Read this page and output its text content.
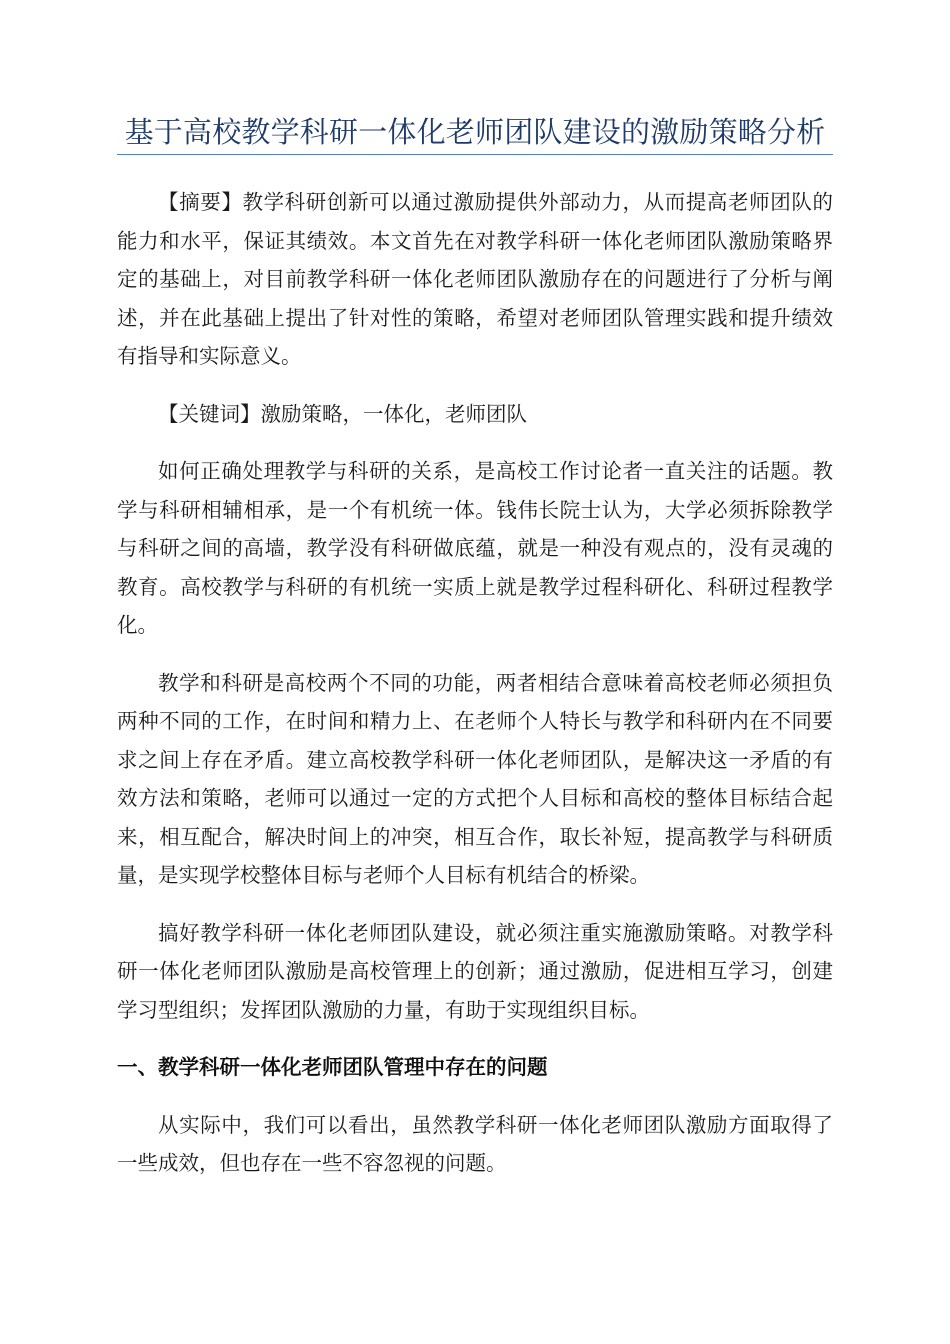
基于高校教学科研一体化老师团队建设的激励策略分析

【摘要】教学科研创新可以通过激励提供外部动力，从而提高老师团队的能力和水平，保证其绩效。本文首先在对教学科研一体化老师团队激励策略界定的基础上，对目前教学科研一体化老师团队激励存在的问题进行了分析与阐述，并在此基础上提出了针对性的策略，希望对老师团队管理实践和提升绩效有指导和实际意义。

【关键词】激励策略，一体化，老师团队

如何正确处理教学与科研的关系，是高校工作讨论者一直关注的话题。教学与科研相辅相承，是一个有机统一体。钱伟长院士认为，大学必须拆除教学与科研之间的高墙，教学没有科研做底蕴，就是一种没有观点的，没有灵魂的教育。高校教学与科研的有机统一实质上就是教学过程科研化、科研过程教学化。

教学和科研是高校两个不同的功能，两者相结合意味着高校老师必须担负两种不同的工作，在时间和精力上、在老师个人特长与教学和科研内在不同要求之间上存在矛盾。建立高校教学科研一体化老师团队，是解决这一矛盾的有效方法和策略，老师可以通过一定的方式把个人目标和高校的整体目标结合起来，相互配合，解决时间上的冲突，相互合作，取长补短，提高教学与科研质量，是实现学校整体目标与老师个人目标有机结合的桥梁。

搞好教学科研一体化老师团队建设，就必须注重实施激励策略。对教学科研一体化老师团队激励是高校管理上的创新；通过激励，促进相互学习，创建学习型组织；发挥团队激励的力量，有助于实现组织目标。

一、教学科研一体化老师团队管理中存在的问题

从实际中，我们可以看出，虽然教学科研一体化老师团队激励方面取得了一些成效，但也存在一些不容忽视的问题。
